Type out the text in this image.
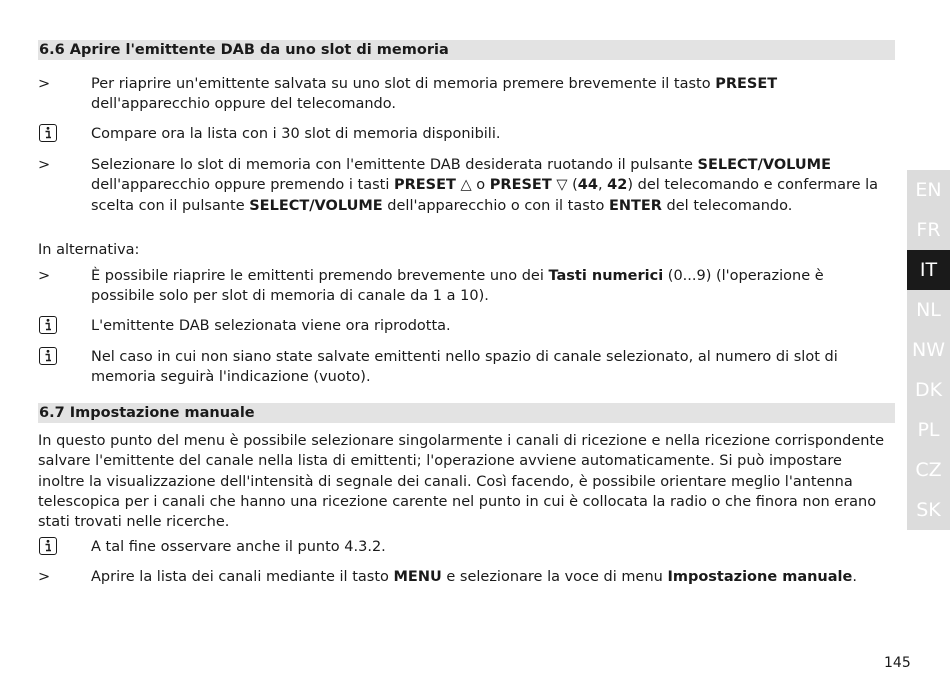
6.6 Aprire l'emittente DAB da uno slot di memoria
>	Per riaprire un'emittente salvata su uno slot di memoria premere brevemente il tasto PRESET dell'apparecchio oppure del telecomando.
Compare ora la lista con i 30 slot di memoria disponibili.
>	Selezionare lo slot di memoria con l'emittente DAB desiderata ruotando il pulsante SELECT/VOLUME dell'apparecchio oppure premendo i tasti PRESET △ o PRESET ▽ (44, 42) del telecomando e confermare la scelta con il pulsante SELECT/VOLUME dell'apparecchio o con il tasto ENTER del telecomando.
In alternativa:
>	È possibile riaprire le emittenti premendo brevemente uno dei Tasti numerici (0...9) (l'operazione è possibile solo per slot di memoria di canale da 1 a 10).
L'emittente DAB selezionata viene ora riprodotta.
Nel caso in cui non siano state salvate emittenti nello spazio di canale selezionato, al numero di slot di memoria seguirà l'indicazione (vuoto).
6.7 Impostazione manuale
In questo punto del menu è possibile selezionare singolarmente i canali di ricezione e nella ricezione corrispondente salvare l'emittente del canale nella lista di emittenti; l'operazione avviene automaticamente. Si può impostare inoltre la visualizzazione dell'intensità di segnale dei canali. Così facendo, è possibile orientare meglio l'antenna telescopica per i canali che hanno una ricezione carente nel punto in cui è collocata la radio o che finora non erano stati trovati nelle ricerche.
A tal fine osservare anche il punto 4.3.2.
>	Aprire la lista dei canali mediante il tasto MENU e selezionare la voce di menu Impostazione manuale.
EN
FR
IT
NL
NW
DK
PL
CZ
SK
145
